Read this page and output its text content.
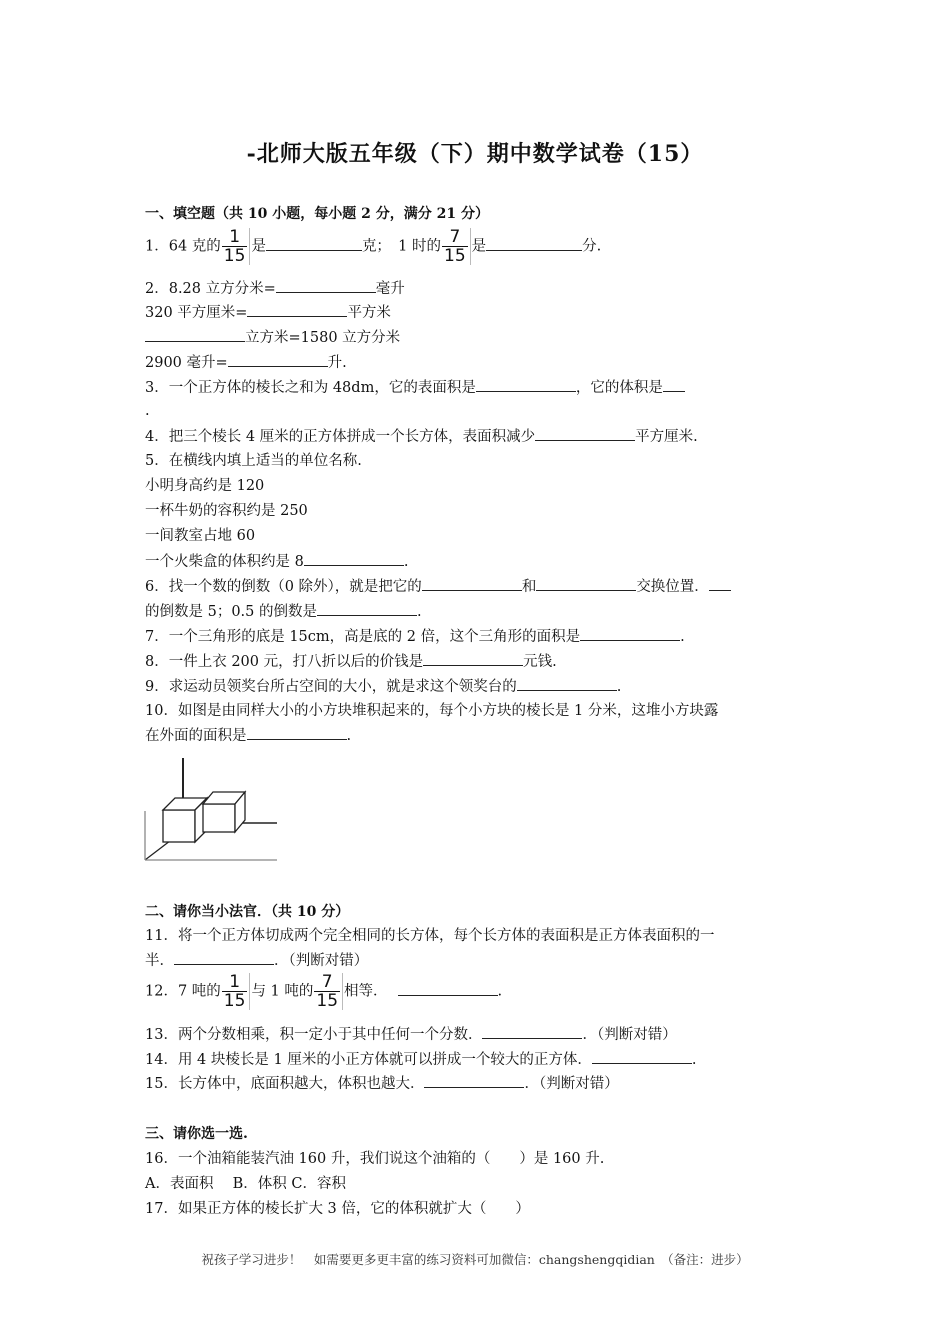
-北师大版五年级（下）期中数学试卷（15）
一、填空题（共 10 小题，每小题 2 分，满分 21 分）
1．64 克的 $\frac{1}{15}$ 是	克；　1 时的 $\frac{7}{15}$ 是	分.
2．8.28 立方分米=	毫升
320 平方厘米=	平方米
立方米=1580 立方分米
2900 毫升=	升.
3．一个正方体的棱长之和为 48dm，它的表面积是	，它的体积是
.
4．把三个棱长 4 厘米的正方体拼成一个长方体，表面积减少	平方厘米.
5．在横线内填上适当的单位名称.
小明身高约是 120
一杯牛奶的容积约是 250
一间教室占地 60
一个火柴盒的体积约是 8	.
6．找一个数的倒数（0 除外），就是把它的	和	交换位置．
的倒数是 5；0.5 的倒数是	.
7．一个三角形的底是 15cm，高是底的 2 倍，这个三角形的面积是	.
8．一件上衣 200 元，打八折以后的价钱是	元钱.
9．求运动员领奖台所占空间的大小，就是求这个领奖台的	.
10．如图是由同样大小的小方块堆积起来的，每个小方块的棱长是 1 分米，这堆小方块露
在外面的面积是	.
二、请你当小法官．（共 10 分）
11．将一个正方体切成两个完全相同的长方体，每个长方体的表面积是正方体表面积的一
半．	．（判断对错）
12．7 吨的 $\frac{1}{15}$ 与 1 吨的 $\frac{7}{15}$ 相等．	.
13．两个分数相乘，积一定小于其中任何一个分数．	．（判断对错）
14．用 4 块棱长是 1 厘米的小正方体就可以拼成一个较大的正方体．	.
15．长方体中，底面积越大，体积也越大．	．（判断对错）
三、请你选一选.
16．一个油箱能装汽油 160 升，我们说这个油箱的（　　）是 160 升.
A．表面积　 B．体积 C．容积
17．如果正方体的棱长扩大 3 倍，它的体积就扩大（　　）
祝孩子学习进步！　如需要更多更丰富的练习资料可加微信：changshengqidian　（备注：进步）
